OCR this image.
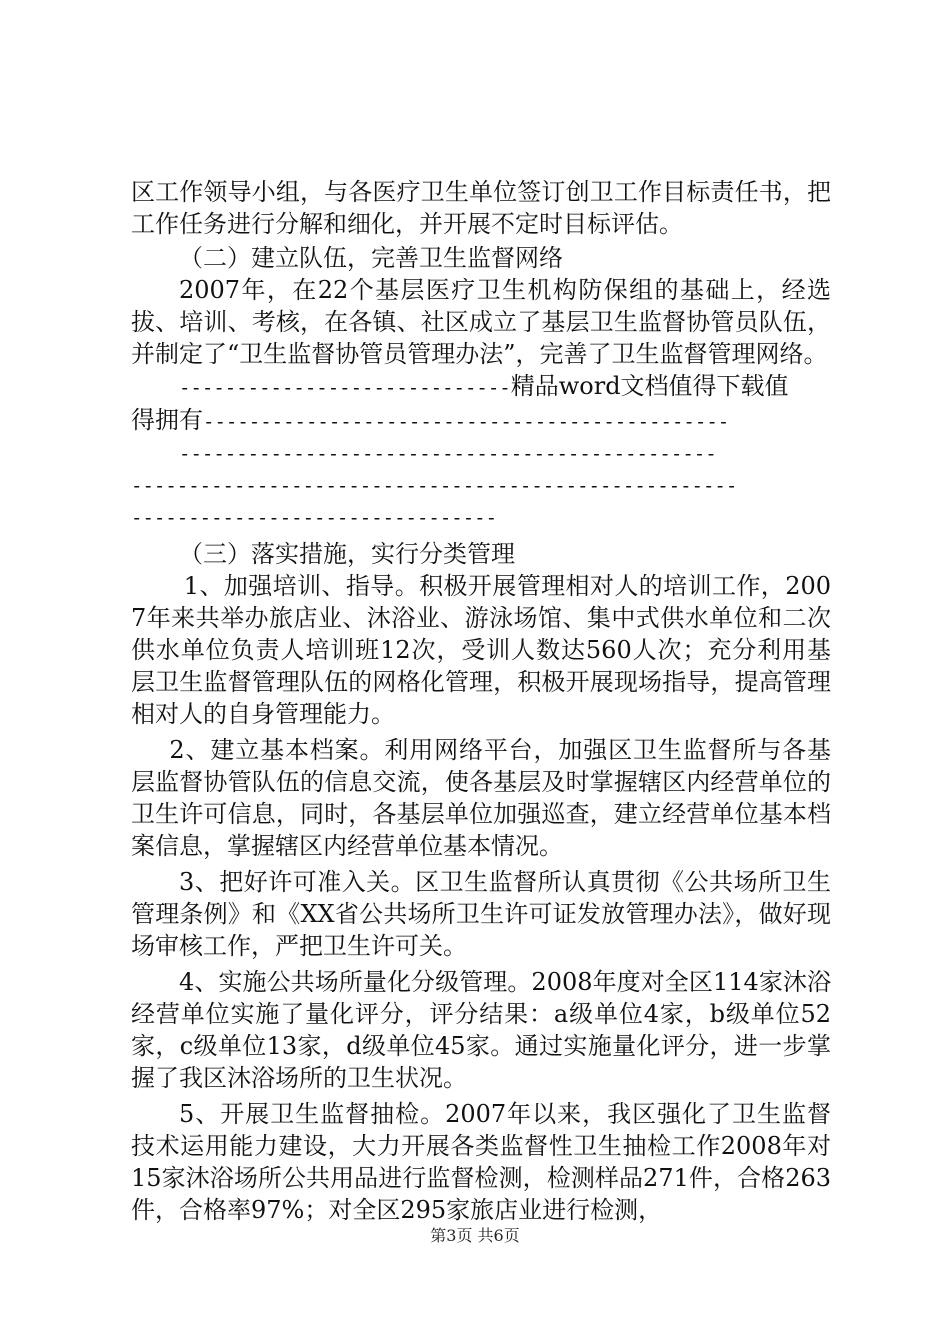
区工作领导小组，与各医疗卫生单位签订创卫工作目标责任书，把工作任务进行分解和细化，并开展不定时目标评估。

（二）建立队伍，完善卫生监督网络

2007年，在22个基层医疗卫生机构防保组的基础上，经选拔、培训、考核，在各镇、社区成立了基层卫生监督协管员队伍，并制定了“卫生监督协管员管理办法”，完善了卫生监督管理网络。

-----------------------------精品word文档值得下载值

得拥有----------------------------------------------

-----------------------------------------------

-----------------------------------------------------

--------------------------------

（三）落实措施，实行分类管理

1、加强培训、指导。积极开展管理相对人的培训工作，2007年来共举办旅店业、沐浴业、游泳场馆、集中式供水单位和二次供水单位负责人培训班12次，受训人数达560人次；充分利用基层卫生监督管理队伍的网格化管理，积极开展现场指导，提高管理相对人的自身管理能力。

2、建立基本档案。利用网络平台，加强区卫生监督所与各基层监督协管队伍的信息交流，使各基层及时掌握辖区内经营单位的卫生许可信息，同时，各基层单位加强巡查，建立经营单位基本档案信息，掌握辖区内经营单位基本情况。

3、把好许可准入关。区卫生监督所认真贯彻《公共场所卫生管理条例》和《XX省公共场所卫生许可证发放管理办法》，做好现场审核工作，严把卫生许可关。

4、实施公共场所量化分级管理。2008年度对全区114家沐浴经营单位实施了量化评分，评分结果：a级单位4家，b级单位52家，c级单位13家，d级单位45家。通过实施量化评分，进一步掌握了我区沐浴场所的卫生状况。

5、开展卫生监督抽检。2007年以来，我区强化了卫生监督技术运用能力建设，大力开展各类监督性卫生抽检工作2008年对15家沐浴场所公共用品进行监督检测，检测样品271件，合格263件，合格率97%；对全区295家旅店业进行检测，

第3页 共6页
